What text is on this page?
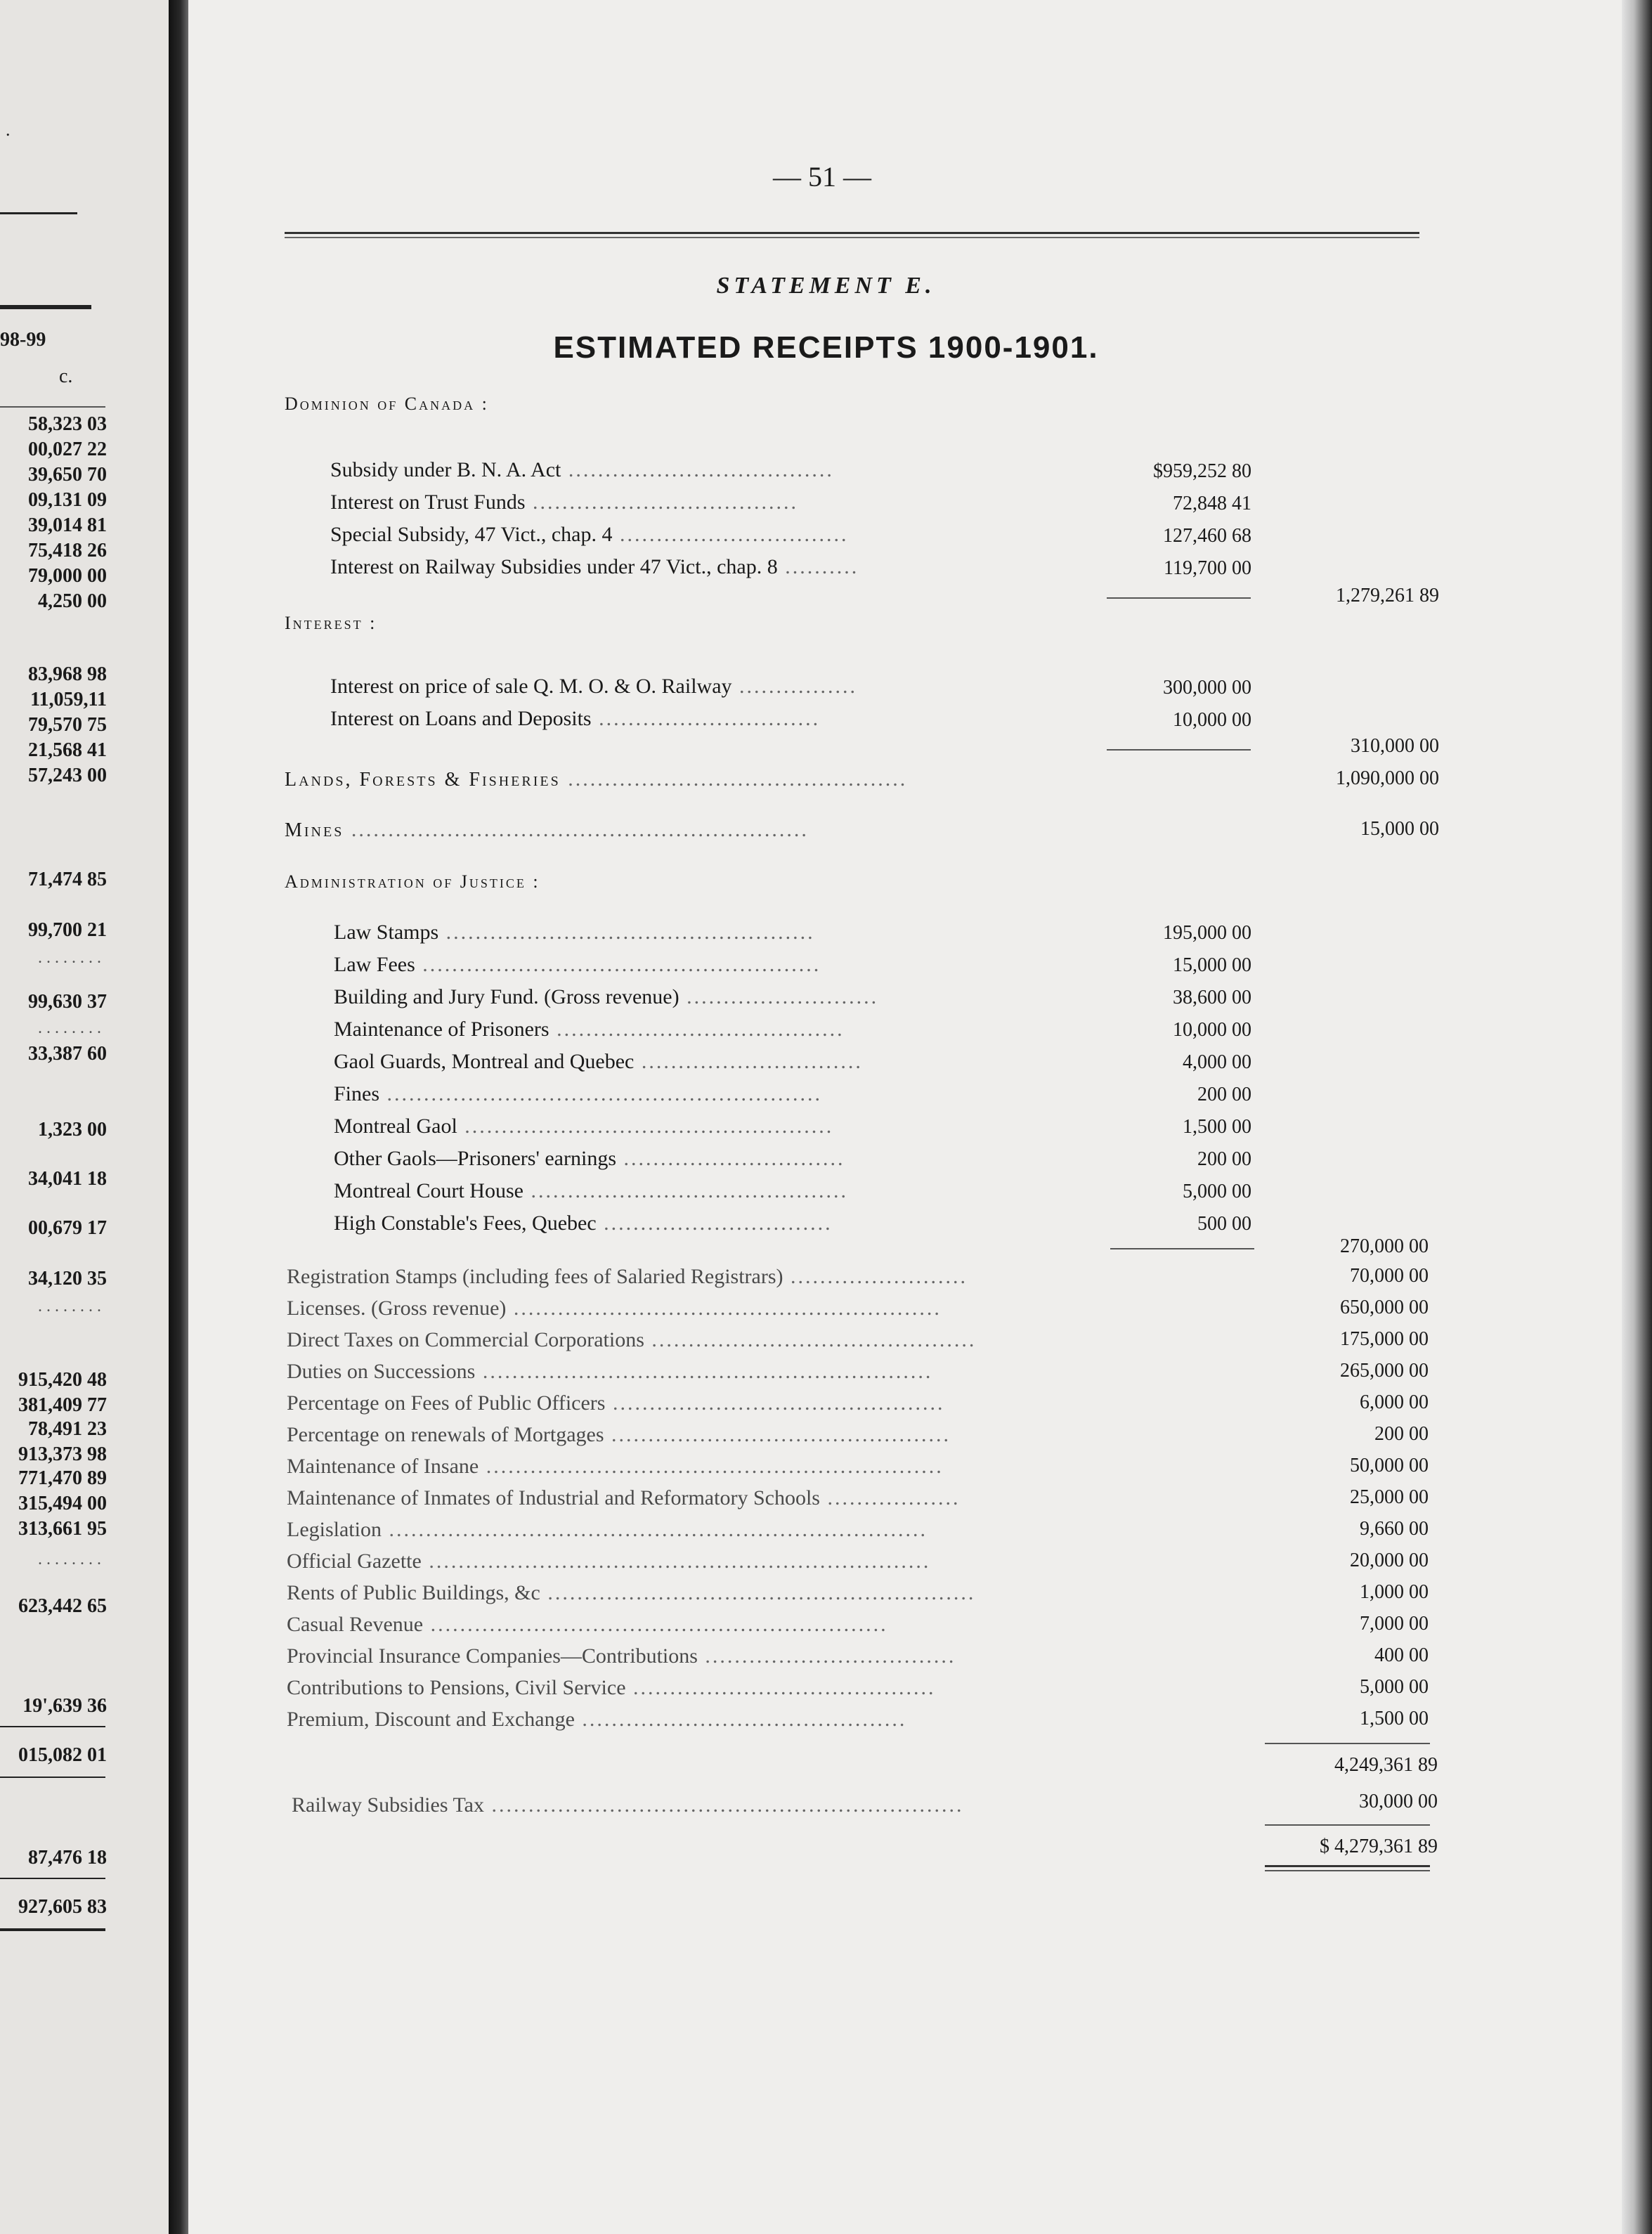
.
98-99
c.
58,323 03
00,027 22
39,650 70
09,131 09
39,014 81
75,418 26
79,000 00
4,250 00
83,968 98
11,059,11
79,570 75
21,568 41
57,243 00
71,474 85
99,700 21
........
99,630 37
........
33,387 60
1,323 00
34,041 18
00,679 17
34,120 35
........
915,420 48
381,409 77
78,491 23
913,373 98
771,470 89
315,494 00
313,661 95
........
623,442 65
19',639 36
015,082 01
87,476 18
927,605 83
— 51 —
STATEMENT E.
ESTIMATED RECEIPTS 1900-1901.
Dominion of Canada :
Subsidy under B. N. A. Act ....................................	$959,252 80
Interest on Trust Funds ....................................	72,848 41
Special Subsidy, 47 Vict., chap. 4 ...............................	127,460 68
Interest on Railway Subsidies under 47 Vict., chap. 8 ..........	119,700 00
1,279,261 89
Interest :
Interest on price of sale Q. M. O. & O. Railway ................	300,000 00
Interest on Loans and Deposits ..............................	10,000 00
310,000 00
Lands, Forests & Fisheries ..............................................	1,090,000 00
Mines ..............................................................	15,000 00
Administration of Justice :
Law Stamps ..................................................	195,000 00
Law Fees ......................................................	15,000 00
Building and Jury Fund. (Gross revenue) ..........................	38,600 00
Maintenance of Prisoners .......................................	10,000 00
Gaol Guards, Montreal and Quebec ..............................	4,000 00
Fines ...........................................................	200 00
Montreal Gaol ..................................................	1,500 00
Other Gaols—Prisoners' earnings ..............................	200 00
Montreal Court House ...........................................	5,000 00
High Constable's Fees, Quebec ...............................	500 00
270,000 00
Registration Stamps (including fees of Salaried Registrars) ........................	70,000 00
Licenses. (Gross revenue) ..........................................................	650,000 00
Direct Taxes on Commercial Corporations ............................................	175,000 00
Duties on Successions .............................................................	265,000 00
Percentage on Fees of Public Officers .............................................	6,000 00
Percentage on renewals of Mortgages ..............................................	200 00
Maintenance of Insane ..............................................................	50,000 00
Maintenance of Inmates of Industrial and Reformatory Schools ..................	25,000 00
Legislation .........................................................................	9,660 00
Official Gazette ....................................................................	20,000 00
Rents of Public Buildings, &c ..........................................................	1,000 00
Casual Revenue ..............................................................	7,000 00
Provincial Insurance Companies—Contributions ..................................	400 00
Contributions to Pensions, Civil Service .........................................	5,000 00
Premium, Discount and Exchange ............................................	1,500 00
4,249,361 89
Railway Subsidies Tax ................................................................	30,000 00
$ 4,279,361 89
